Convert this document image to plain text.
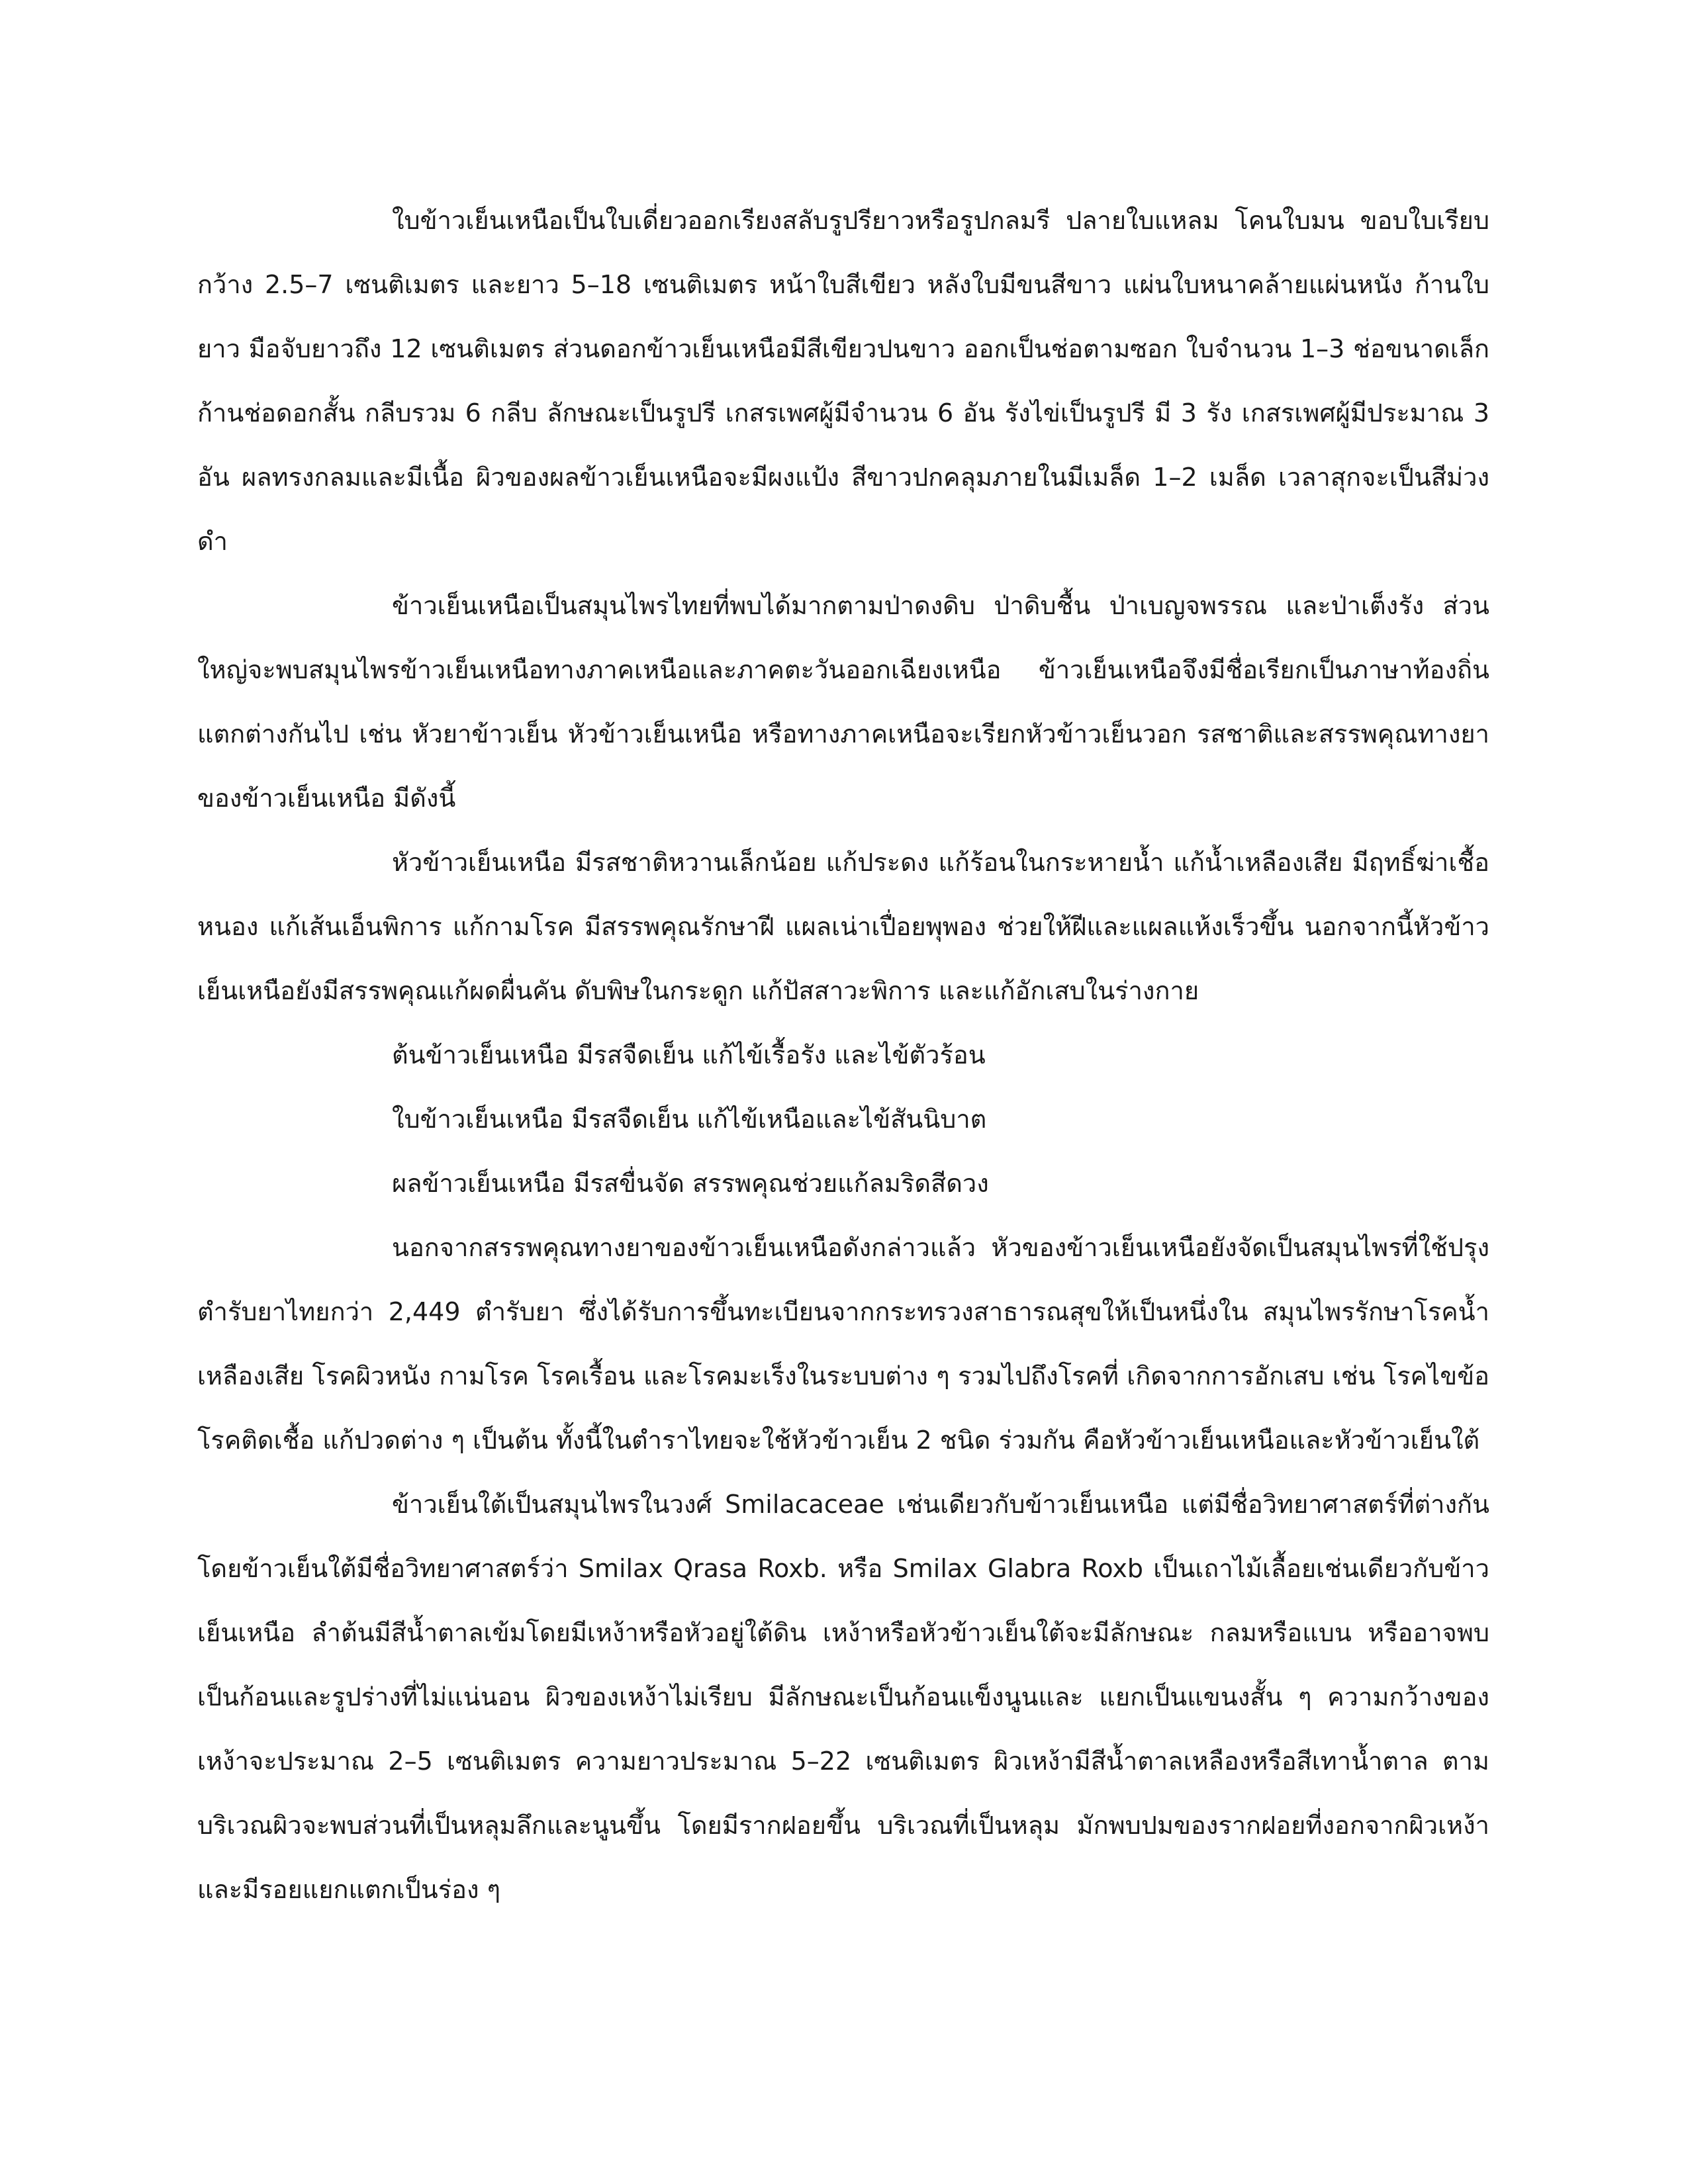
ใบข้าวเย็นเหนือเป็นใบเดี่ยวออกเรียงสลับรูปรียาวหรือรูปกลมรี ปลายใบแหลม โคนใบมน ขอบใบเรียบ กว้าง 2.5–7 เซนติเมตร และยาว 5–18 เซนติเมตร หน้าใบสีเขียว หลังใบมีขนสีขาว แผ่นใบหนาคล้ายแผ่นหนัง ก้านใบยาว มือจับยาวถึง 12 เซนติเมตร ส่วนดอกข้าวเย็นเหนือมีสีเขียวปนขาว ออกเป็นช่อตามซอก ใบจำนวน 1–3 ช่อขนาดเล็ก ก้านช่อดอกสั้น กลีบรวม 6 กลีบ ลักษณะเป็นรูปรี เกสรเพศผู้มีจำนวน 6 อัน รังไข่เป็นรูปรี มี 3 รัง เกสรเพศผู้มีประมาณ 3 อัน ผลทรงกลมและมีเนื้อ ผิวของผลข้าวเย็นเหนือจะมีผงแป้ง สีขาวปกคลุมภายในมีเมล็ด 1–2 เมล็ด เวลาสุกจะเป็นสีม่วงดำ

ข้าวเย็นเหนือเป็นสมุนไพรไทยที่พบได้มากตามป่าดงดิบ ป่าดิบชื้น ป่าเบญจพรรณ และป่าเต็งรัง ส่วนใหญ่จะพบสมุนไพรข้าวเย็นเหนือทางภาคเหนือและภาคตะวันออกเฉียงเหนือ ข้าวเย็นเหนือจึงมีชื่อเรียกเป็นภาษาท้องถิ่นแตกต่างกันไป เช่น หัวยาข้าวเย็น หัวข้าวเย็นเหนือ หรือทางภาคเหนือจะเรียกหัวข้าวเย็นวอก รสชาติและสรรพคุณทางยาของข้าวเย็นเหนือ มีดังนี้

หัวข้าวเย็นเหนือ มีรสชาติหวานเล็กน้อย แก้ประดง แก้ร้อนในกระหายน้ำ แก้น้ำเหลืองเสีย มีฤทธิ์ฆ่าเชื้อหนอง แก้เส้นเอ็นพิการ แก้กามโรค มีสรรพคุณรักษาฝี แผลเน่าเปื่อยพุพอง ช่วยให้ฝีและแผลแห้งเร็วขึ้น นอกจากนี้หัวข้าวเย็นเหนือยังมีสรรพคุณแก้ผดผื่นคัน ดับพิษในกระดูก แก้ปัสสาวะพิการ และแก้อักเสบในร่างกาย

ต้นข้าวเย็นเหนือ มีรสจืดเย็น แก้ไข้เรื้อรัง และไข้ตัวร้อน

ใบข้าวเย็นเหนือ มีรสจืดเย็น แก้ไข้เหนือและไข้สันนิบาต

ผลข้าวเย็นเหนือ มีรสขื่นจัด สรรพคุณช่วยแก้ลมริดสีดวง

นอกจากสรรพคุณทางยาของข้าวเย็นเหนือดังกล่าวแล้ว หัวของข้าวเย็นเหนือยังจัดเป็นสมุนไพรที่ใช้ปรุงตำรับยาไทยกว่า 2,449 ตำรับยา ซึ่งได้รับการขึ้นทะเบียนจากกระทรวงสาธารณสุขให้เป็นหนึ่งใน สมุนไพรรักษาโรคน้ำเหลืองเสีย โรคผิวหนัง กามโรค โรคเรื้อน และโรคมะเร็งในระบบต่าง ๆ รวมไปถึงโรคที่ เกิดจากการอักเสบ เช่น โรคไขข้อ โรคติดเชื้อ แก้ปวดต่าง ๆ เป็นต้น ทั้งนี้ในตำราไทยจะใช้หัวข้าวเย็น 2 ชนิด ร่วมกัน คือหัวข้าวเย็นเหนือและหัวข้าวเย็นใต้

ข้าวเย็นใต้เป็นสมุนไพรในวงศ์ Smilacaceae เช่นเดียวกับข้าวเย็นเหนือ แต่มีชื่อวิทยาศาสตร์ที่ต่างกัน โดยข้าวเย็นใต้มีชื่อวิทยาศาสตร์ว่า Smilax Qrasa Roxb. หรือ Smilax Glabra Roxb เป็นเถาไม้เลื้อยเช่นเดียวกับข้าวเย็นเหนือ ลำต้นมีสีน้ำตาลเข้มโดยมีเหง้าหรือหัวอยู่ใต้ดิน เหง้าหรือหัวข้าวเย็นใต้จะมีลักษณะ กลมหรือแบน หรืออาจพบเป็นก้อนและรูปร่างที่ไม่แน่นอน ผิวของเหง้าไม่เรียบ มีลักษณะเป็นก้อนแข็งนูนและ แยกเป็นแขนงสั้น ๆ ความกว้างของเหง้าจะประมาณ 2–5 เซนติเมตร ความยาวประมาณ 5–22 เซนติเมตร ผิวเหง้ามีสีน้ำตาลเหลืองหรือสีเทาน้ำตาล ตามบริเวณผิวจะพบส่วนที่เป็นหลุมลึกและนูนขึ้น โดยมีรากฝอยขึ้น บริเวณที่เป็นหลุม มักพบปมของรากฝอยที่งอกจากผิวเหง้า และมีรอยแยกแตกเป็นร่อง ๆ
